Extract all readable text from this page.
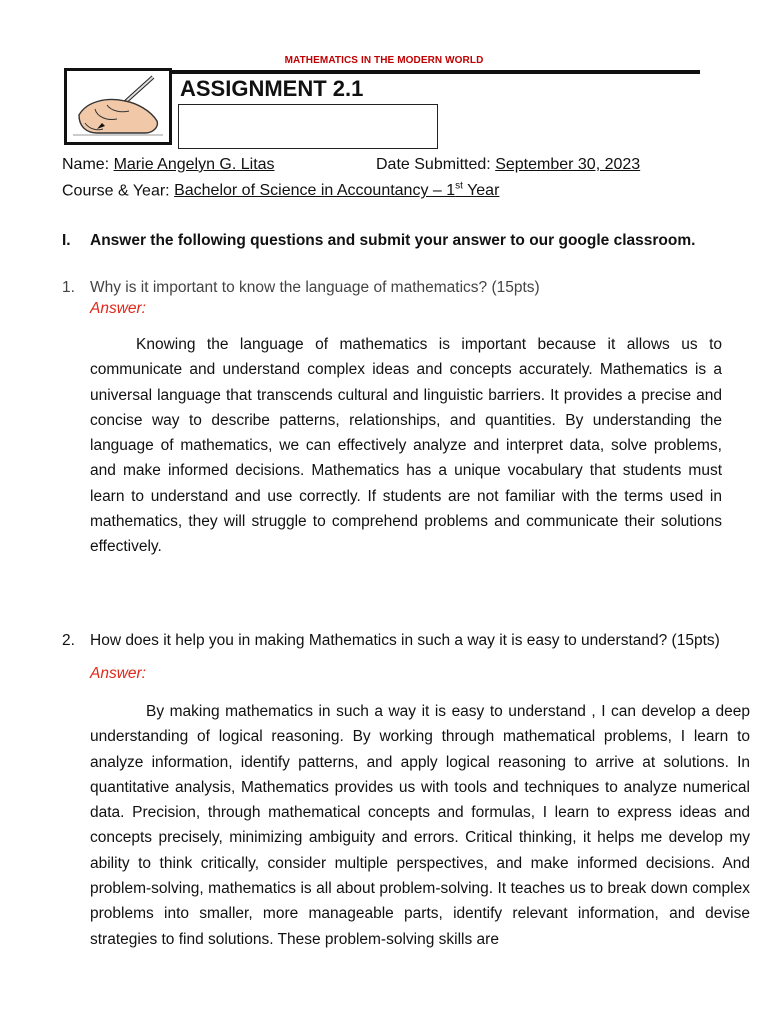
MATHEMATICS IN THE MODERN WORLD
ASSIGNMENT 2.1
Name: Marie Angelyn G. Litas	Date Submitted: September 30, 2023
Course & Year: Bachelor of Science in Accountancy – 1st Year
I. Answer the following questions and submit your answer to our google classroom.
1. Why is it important to know the language of mathematics? (15pts)
Answer:
Knowing the language of mathematics is important because it allows us to communicate and understand complex ideas and concepts accurately. Mathematics is a universal language that transcends cultural and linguistic barriers. It provides a precise and concise way to describe patterns, relationships, and quantities. By understanding the language of mathematics, we can effectively analyze and interpret data, solve problems, and make informed decisions. Mathematics has a unique vocabulary that students must learn to understand and use correctly. If students are not familiar with the terms used in mathematics, they will struggle to comprehend problems and communicate their solutions effectively.
2. How does it help you in making Mathematics in such a way it is easy to understand? (15pts)
Answer:
By making mathematics in such a way it is easy to understand , I can develop a deep understanding of logical reasoning. By working through mathematical problems, I learn to analyze information, identify patterns, and apply logical reasoning to arrive at solutions. In quantitative analysis, Mathematics provides us with tools and techniques to analyze numerical data. Precision, through mathematical concepts and formulas, I learn to express ideas and concepts precisely, minimizing ambiguity and errors. Critical thinking, it helps me develop my ability to think critically, consider multiple perspectives, and make informed decisions. And problem-solving, mathematics is all about problem-solving. It teaches us to break down complex problems into smaller, more manageable parts, identify relevant information, and devise strategies to find solutions. These problem-solving skills are
